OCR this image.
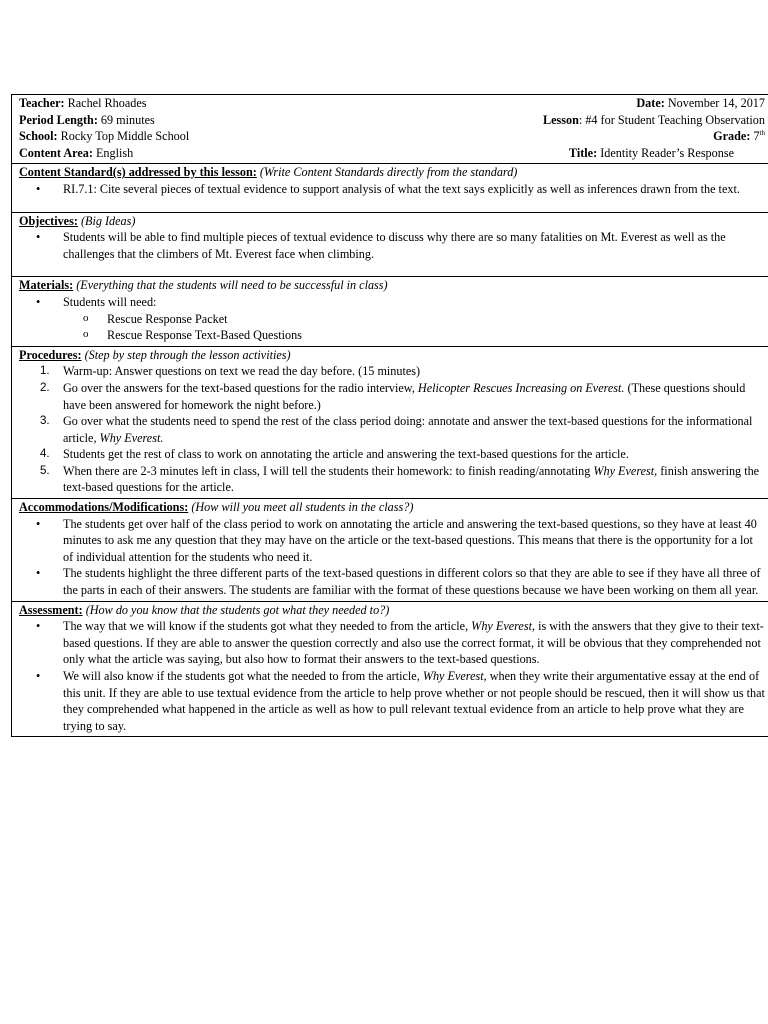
Teacher: Rachel Rhoades	Date: November 14, 2017
Period Length: 69 minutes	Lesson: #4 for Student Teaching Observation
School: Rocky Top Middle School	Grade: 7th
Content Area: English	Title: Identity Reader’s Response
Content Standard(s) addressed by this lesson: (Write Content Standards directly from the standard)
• RI.7.1: Cite several pieces of textual evidence to support analysis of what the text says explicitly as well as inferences drawn from the text.
Objectives: (Big Ideas)
• Students will be able to find multiple pieces of textual evidence to discuss why there are so many fatalities on Mt. Everest as well as the challenges that the climbers of Mt. Everest face when climbing.
Materials: (Everything that the students will need to be successful in class)
• Students will need:
o Rescue Response Packet
o Rescue Response Text-Based Questions
Procedures: (Step by step through the lesson activities)
1. Warm-up: Answer questions on text we read the day before. (15 minutes)
2. Go over the answers for the text-based questions for the radio interview, Helicopter Rescues Increasing on Everest. (These questions should have been answered for homework the night before.)
3. Go over what the students need to spend the rest of the class period doing: annotate and answer the text-based questions for the informational article, Why Everest.
4. Students get the rest of class to work on annotating the article and answering the text-based questions for the article.
5. When there are 2-3 minutes left in class, I will tell the students their homework: to finish reading/annotating Why Everest, finish answering the text-based questions for the article.
Accommodations/Modifications: (How will you meet all students in the class?)
• The students get over half of the class period to work on annotating the article and answering the text-based questions, so they have at least 40 minutes to ask me any question that they may have on the article or the text-based questions. This means that there is the opportunity for a lot of individual attention for the students who need it.
• The students highlight the three different parts of the text-based questions in different colors so that they are able to see if they have all three of the parts in each of their answers. The students are familiar with the format of these questions because we have been working on them all year.
Assessment: (How do you know that the students got what they needed to?)
• The way that we will know if the students got what they needed to from the article, Why Everest, is with the answers that they give to their text-based questions. If they are able to answer the question correctly and also use the correct format, it will be obvious that they comprehended not only what the article was saying, but also how to format their answers to the text-based questions.
• We will also know if the students got what the needed to from the article, Why Everest, when they write their argumentative essay at the end of this unit. If they are able to use textual evidence from the article to help prove whether or not people should be rescued, then it will show us that they comprehended what happened in the article as well as how to pull relevant textual evidence from an article to help prove what they are trying to say.
